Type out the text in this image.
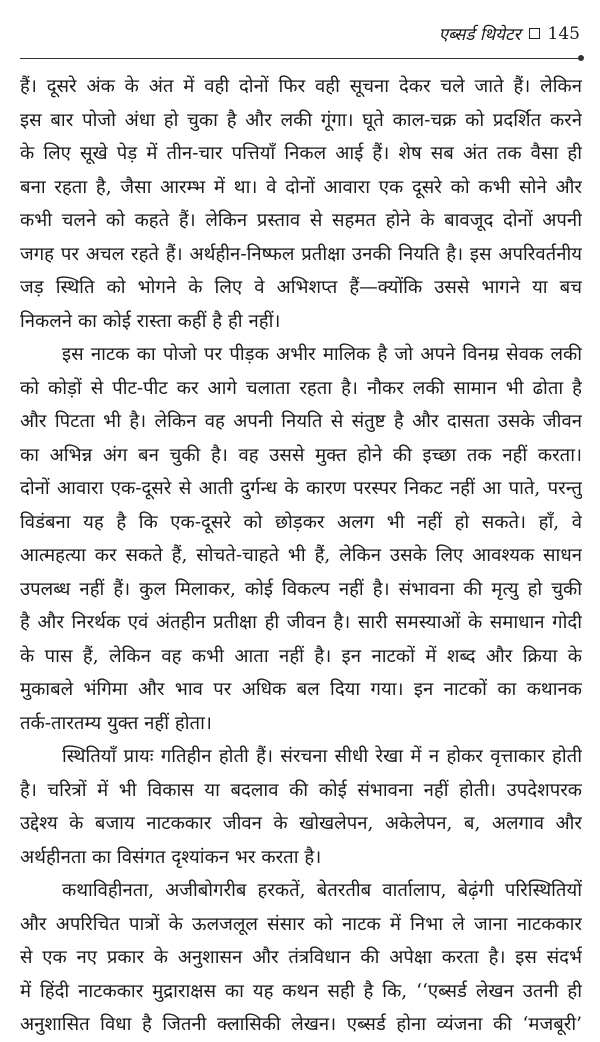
एब्सर्ड थियेटर 145
हैं। दूसरे अंक के अंत में वही दोनों फिर वही सूचना देकर चले जाते हैं। लेकिन
इस बार पोजो अंधा हो चुका है और लकी गूंगा। घूते काल-चक्र को प्रदर्शित करने
के लिए सूखे पेड़ में तीन-चार पत्तियाँ निकल आई हैं। शेष सब अंत तक वैसा ही
बना रहता है, जैसा आरम्भ में था। वे दोनों आवारा एक दूसरे को कभी सोने और
कभी चलने को कहते हैं। लेकिन प्रस्ताव से सहमत होने के बावजूद दोनों अपनी
जगह पर अचल रहते हैं। अर्थहीन-निष्फल प्रतीक्षा उनकी नियति है। इस अपरिवर्तनीय
जड़ स्थिति को भोगने के लिए वे अभिशप्त हैं—क्योंकि उससे भागने या बच
निकलने का कोई रास्ता कहीं है ही नहीं।
इस नाटक का पोजो पर पीड़क अभीर मालिक है जो अपने विनम्र सेवक लकी
को कोड़ों से पीट-पीट कर आगे चलाता रहता है। नौकर लकी सामान भी ढोता है
और पिटता भी है। लेकिन वह अपनी नियति से संतुष्ट है और दासता उसके जीवन
का अभिन्न अंग बन चुकी है। वह उससे मुक्त होने की इच्छा तक नहीं करता।
दोनों आवारा एक-दूसरे से आती दुर्गन्ध के कारण परस्पर निकट नहीं आ पाते, परन्तु
विडंबना यह है कि एक-दूसरे को छोड़कर अलग भी नहीं हो सकते। हाँ, वे
आत्महत्या कर सकते हैं, सोचते-चाहते भी हैं, लेकिन उसके लिए आवश्यक साधन
उपलब्ध नहीं हैं। कुल मिलाकर, कोई विकल्प नहीं है। संभावना की मृत्यु हो चुकी
है और निरर्थक एवं अंतहीन प्रतीक्षा ही जीवन है। सारी समस्याओं के समाधान गोदी
के पास हैं, लेकिन वह कभी आता नहीं है। इन नाटकों में शब्द और क्रिया के
मुकाबले भंगिमा और भाव पर अधिक बल दिया गया। इन नाटकों का कथानक
तर्क-तारतम्य युक्त नहीं होता।
स्थितियाँ प्रायः गतिहीन होती हैं। संरचना सीधी रेखा में न होकर वृत्ताकार होती
है। चरित्रों में भी विकास या बदलाव की कोई संभावना नहीं होती। उपदेशपरक
उद्देश्य के बजाय नाटककार जीवन के खोखलेपन, अकेलेपन, ब, अलगाव और
अर्थहीनता का विसंगत दृश्यांकन भर करता है।
कथाविहीनता, अजीबोगरीब हरकतें, बेतरतीब वार्तालाप, बेढ़ंगी परिस्थितियों
और अपरिचित पात्रों के ऊलजलूल संसार को नाटक में निभा ले जाना नाटककार
से एक नए प्रकार के अनुशासन और तंत्रविधान की अपेक्षा करता है। इस संदर्भ
में हिंदी नाटककार मुद्राराक्षस का यह कथन सही है कि, ‘‘एब्सर्ड लेखन उतनी ही
अनुशासित विधा है जितनी क्लासिकी लेखन। एब्सर्ड होना व्यंजना की ‘मजबूरी’
